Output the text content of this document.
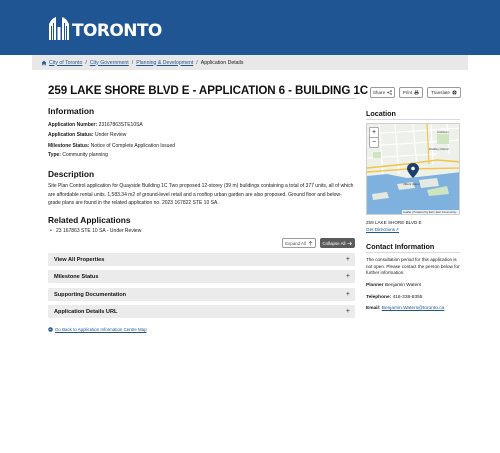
TORONTO
City of Toronto / City Government / Planning & Development / Application Details
259 LAKE SHORE BLVD E - APPLICATION 6 - BUILDING 1C Share	Print	Translate
Information
Application Number: 23167863STE10SA
Application Status: Under Review
Milestone Status: Notice of Complete Application Issued
Type: Community planning
Description
Site Plan Control application for Quayside Building 1C Two proposed 12-storey (39 m) buildings containing a total of 377 units, all of which are affordable rental units. 1,583.34 m2 of ground-level retail and a rooftop urban garden are also proposed. Ground floor and below-grade plans are found in the related application no. 2023 167822 STE 10 SA.
Related Applications
• 23 167863 STE 10 SA - Under Review
Expand All	Collapse All
View All Properties	+
Milestone Status	+
Supporting Documentation	+
Application Details URL	+
Go Back to Application Information Centre Map
Location
Distillery District
Corktown
Villiers Island
+
−
Leaflet | Powered by Esri | Esri Community...
259 LAKE SHORE BLVD E
Get Directions↗
Contact Information
The consultation period for this application is not open. Please contact the person below for further information.
Planner Benjamin Waters
Telephone: 416-338-8355
Email: Benjamin.Waters@toronto.ca
